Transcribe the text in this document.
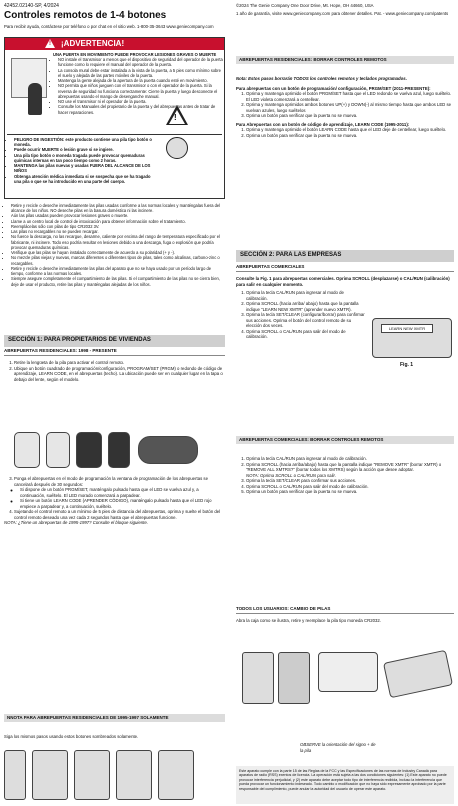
42452.02140-SP, 4/2024
Controles remotos de 1-4 botones
Para recibir ayuda, contáctese por teléfono o por chat en el sitio web. 1-800-35-3643 www.geniecompany.com
©2024 The Genie Company One Door Drive, Mt. Hope, OH 44660, USA
1 año de garantía, visite www.geniecompany.com para obtener detalles. Pat. - www.geniecompany.com/patents
! ¡ADVERTENCIA!
UNA PUERTA EN MOVIMIENTO PUEDE PROVOCAR LESIONES GRAVES O MUERTE
• NO instale el transmisor a menos que el dispositivo de seguridad del operador de la puerta funcione como lo requiere el manual del operador de la puerta.
• La consola mural debe estar instalada a la vista de la puerta, a 5 pies como mínimo sobre el suelo y alejada de las partes móviles de la puerta.
• Mantenga la gente alejada de la apertura de la puerta cuando esté en movimiento.
• NO permita que niños jueguen con el transmisor o con el operador de la puerta. Si la reversa de seguridad no funciona correctamente: Cierre la puerta y luego desconecte el abrepuertas usando el mango de desenganche manual.
• NO use el transmisor ni el operador de la puerta.
• Consulte los Manuales del propietario de la puerta y del abrepuertas antes de tratar de hacer reparaciones.
• PELIGRO DE INGESTIÓN: este producto contiene una pila tipo botón o moneda.
• Puede ocurrir MUERTE o lesión grave si se ingiere.
• Una pila tipo botón o moneda tragada puede provocar quemaduras químicas internas en tan poco tiempo como 2 horas.
• MANTENGA las pilas nuevas y usadas FUERA DEL ALCANCE DE LOS NIÑOS
• Obtenga atención médica inmediata si se sospecha que se ha tragado una pila o que se ha introducido en una parte del cuerpo.
!
• Retire y recicle o deseche inmediatamente las pilas usadas conforme a las normas locales y manténgalas fuera del alcance de los niños. NO deseche pilas en la basura doméstica ni las incinere.
• Aún las pilas usadas pueden provocar lesiones graves o muerte.
• Llame a un centro local de control de intoxicación para obtener información sobre el tratamiento.
• Reemplácelas sólo con pilas de tipo CR2032 3V.
• Las pilas no recargables no se pueden recargar.
• No fuerce la descarga, no las recargue, desarme, caliente por encima del rango de temperatura especificado por el fabricante, ni incinere. Todo eso podría resultar en lesiones debido a una descarga, fuga o explosión que podría provocar quemaduras químicas.
• Verifique que las pilas se hayan instalado correctamente de acuerdo a su polaridad (+ y -).
• No mezcle pilas viejas y nuevas, marcas diferentes o diferentes tipos de pilas, tales como alcalinas, carbono-zinc o recargables.
• Retire y recicle o deseche inmediatamente las pilas del aparato que no se haya usado por un período largo de tiempo, conforme a las normas locales.
• Siempre asegure completamente el compartimiento de las pilas. Si el compartimiento de las pilas no se cierra bien, deje de usar el producto, retire las pilas y manténgalas alejadas de los niños.
SECCIÓN 1: PARA PROPIETARIOS DE VIVIENDAS
ABREPUERTAS RESIDENCIALES: 1998 - PRESENTE
1. Retire la lengüeta de la pila para activar el control remoto.
2. Ubique un botón cuadrado de programación/configuración, PROGRAM/SET (PRGM) o redondo de código de aprendizaje, LEARN CODE, en el abrepuertas (techo). La ubicación puede ser en cualquier lugar en la tapa o debajo del lente, según el modelo.
3. Ponga el abrepuertas en el modo de programación la ventana de programación de los abrepuertas se cancelará después de 30 segundos:
◦ Si dispone de un botón PRGM/SET, manténgalo pulsado hasta que el LED se vuelva azul y, a continuación, suéltelo. El LED morado comenzará a parpadear.
◦ Si tiene un botón LEARN CODE (APRENDER CÓDIGO), manténgalo pulsado hasta que el LED rojo empiece a parpadear y, a continuación, suéltelo.
4. Sujetando el control remoto a un mínimo de 5 pies de distancia del abrepuertas, oprima y suelte el botón del control remoto deseado una vez cada 2 segundos hasta que el abrepuertas funcione.
NOTA: ¿Tiene un abrepuertas de 1995-1997? Consulte el bloque siguiente.
NNOTA PARA ABREPUERTAS RESIDENCIALES DE 1995-1997 SOLAMENTE
Siga los mismos pasos usando estos botones sombreados solamente.
ABREPUERTAS RESIDENCIALES: BORRAR CONTROLES REMOTOS
Nota: Estos pasos borrarán TODOS los controles remotos y teclados programados.
Para abrepuertas con un botón de programación/ configuración, PRGM/SET (2011-PRESENTE):
1. Oprima y mantenga oprimido el botón PRGM/SET hasta que el LED redondo se vuelva azul, luego suéltelo. El LED violeta comenzará a centellear.
2. Oprima y mantenga oprimidos ambos botones UP(+) y DOWN(-) al mismo tiempo hasta que ambos LED se vuelvan azules, luego suéltelos
3. Oprima un botón para verificar que la puerta no se mueva.
Para Abrepuertas con un botón de código de aprendizaje, LEARN CODE (1995-2011):
1. Oprima y mantenga oprimido el botón LEARN CODE hasta que el LED deje de centellear, luego suéltelo.
2. Oprima un botón para verificar que la puerta no se mueva.
SECCIÓN 2: PARA LAS EMPRESAS
ABREPUERTAS COMERCIALES
Consulte la Fig. 1 para abrepuertas comerciales. Oprima SCROLL (desplazarse) o CAL/RUN (calibración) para salir en cualquier momento.
1. Oprima la tecla CAL/RUN para ingresar al modo de calibración.
2. Oprima SCROLL (hacia arriba/ abajo) hasta que la pantalla indique "LEARN NEW XMTR" (aprender nuevo XMTR).
3. Oprima la tecla SET/CLEAR (configurar/borrar) para confirmar sus acciones. Oprima el botón del control remoto de su elección dos veces.
4. Oprima SCROLL o CAL/RUN para salir del modo de calibración.
LEARN NEW XMTR
Fig. 1
ABREPUERTAS COMERCIALES: BORRAR CONTROLES REMOTOS
1. Oprima la tecla CAL/RUN para ingresar al modo de calibración.
2. Oprima SCROLL (hacia arriba/abajo) hasta que la pantalla indique "REMOVE XMTR" (borrar XMTR) o "REMOVE ALL XMTRS?" (borrar todos los XMTRS) según la acción que desee adoptar.
NOTA: Oprima SCROLL o CAL/RUN para salir.
3. Oprima la tecla SET/CLEAR para confirmar sus acciones.
4. Oprima SCROLL o CAL/RUN para salir del modo de calibración.
5. Oprima un botón para verificar que la puerta no se mueva.
TODOS LOS USUARIOS: CAMBIO DE PILAS
Abra la caja como se ilustra, retire y reemplace la pila tipo moneda CR2032.
OBSERVE la orientación del signo + de la pila
Este aparato cumple con la parte 15 de las Reglas de la FCC y las Especificaciones de las normas de Industry Canadá para aparatos de radio (RSS) exentos de licencia. La operación está sujeta a las dos condiciones siguientes: (1) Este aparato no puede provocar interferencia perjudicial, y (2) este aparato debe aceptar todo tipo de interferencia recibida, incluso la interferencia que pueda provocar un funcionamiento indeseado. Todo cambio o modificación que no haya sido expresamente aprobado por la parte responsable del cumplimiento, puede anular la autoridad del usuario de operar este aparato.
